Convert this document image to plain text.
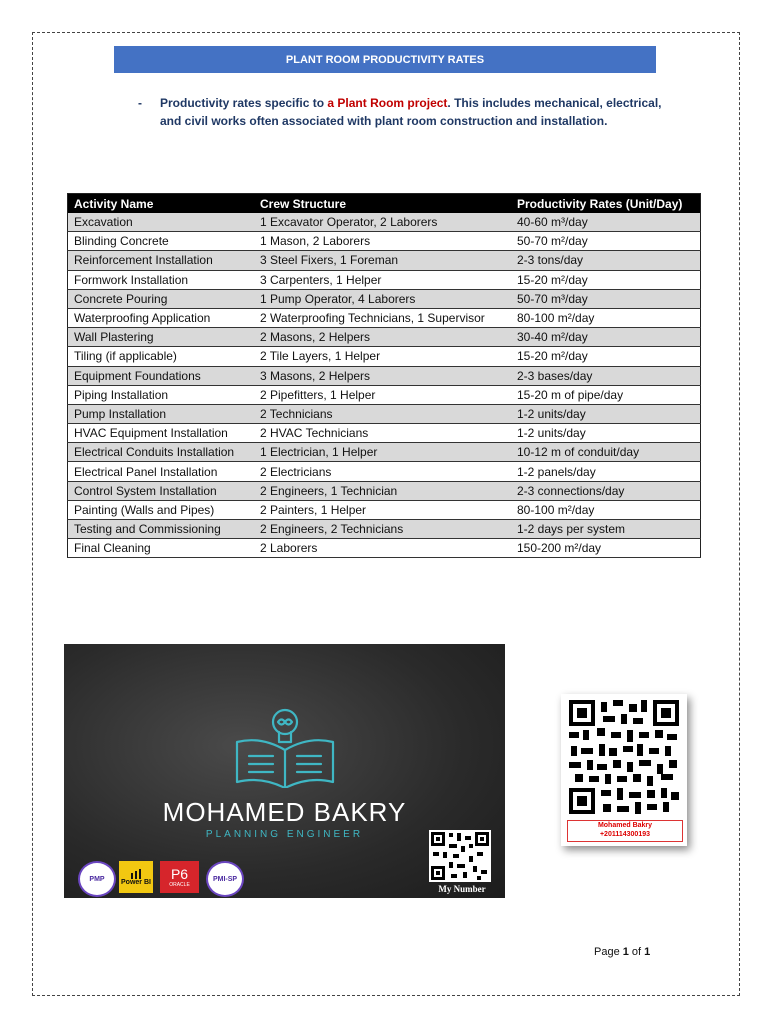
PLANT ROOM PRODUCTIVITY RATES
-	Productivity rates specific to a Plant Room project. This includes mechanical, electrical, and civil works often associated with plant room construction and installation.
Activity Name	Crew Structure	Productivity Rates (Unit/Day)
Excavation	1 Excavator Operator, 2 Laborers	40-60 m³/day
Blinding Concrete	1 Mason, 2 Laborers	50-70 m²/day
Reinforcement Installation	3 Steel Fixers, 1 Foreman	2-3 tons/day
Formwork Installation	3 Carpenters, 1 Helper	15-20 m²/day
Concrete Pouring	1 Pump Operator, 4 Laborers	50-70 m³/day
Waterproofing Application	2 Waterproofing Technicians, 1 Supervisor	80-100 m²/day
Wall Plastering	2 Masons, 2 Helpers	30-40 m²/day
Tiling (if applicable)	2 Tile Layers, 1 Helper	15-20 m²/day
Equipment Foundations	3 Masons, 2 Helpers	2-3 bases/day
Piping Installation	2 Pipefitters, 1 Helper	15-20 m of pipe/day
Pump Installation	2 Technicians	1-2 units/day
HVAC Equipment Installation	2 HVAC Technicians	1-2 units/day
Electrical Conduits Installation	1 Electrician, 1 Helper	10-12 m of conduit/day
Electrical Panel Installation	2 Electricians	1-2 panels/day
Control System Installation	2 Engineers, 1 Technician	2-3 connections/day
Painting (Walls and Pipes)	2 Painters, 1 Helper	80-100 m²/day
Testing and Commissioning	2 Engineers, 2 Technicians	1-2 days per system
Final Cleaning	2 Laborers	150-200 m²/day
MOHAMED BAKRY
PLANNING ENGINEER
PMP Power BI P6
ORACLE
PMI-SP
My Number
Mohamed Bakry
+201114300193
Page 1 of 1
